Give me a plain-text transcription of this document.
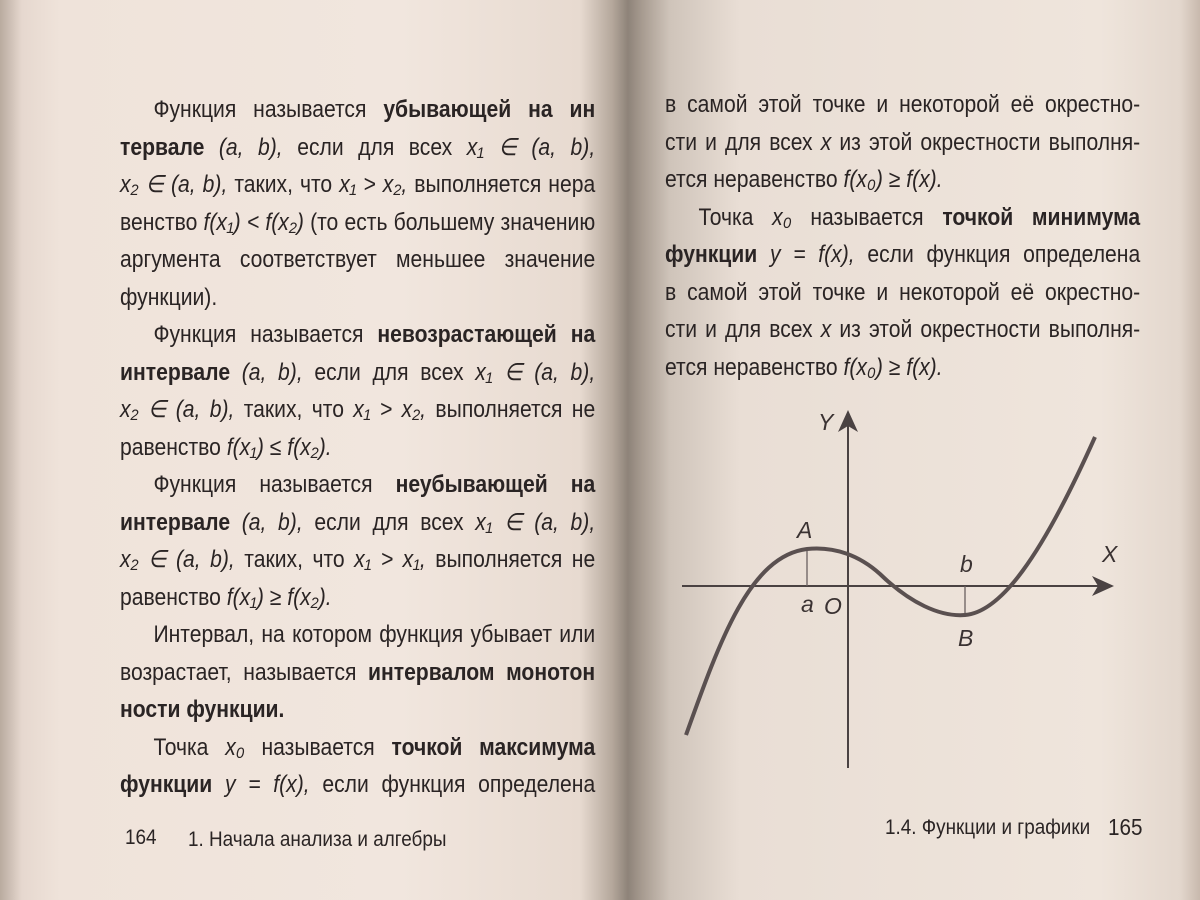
Функция называется убывающей на ин
тервале (a, b), если для всех x₁ ∈ (a, b),
x₂ ∈ (a, b), таких, что x₁ > x₂, выполняется нера
венство f(x₁) < f(x₂) (то есть большему значению
аргумента соответствует меньшее значение
функции).
Функция называется невозрастающей на
интервале (a, b), если для всех x₁ ∈ (a, b),
x₂ ∈ (a, b), таких, что x₁ > x₂, выполняется не
равенство f(x₁) ≤ f(x₂).
Функция называется неубывающей на
интервале (a, b), если для всех x₁ ∈ (a, b),
x₂ ∈ (a, b), таких, что x₁ > x₁, выполняется не
равенство f(x₁) ≥ f(x₂).
Интервал, на котором функция убывает или
возрастает, называется интервалом монотон
ности функции.
Точка x₀ называется точкой максимума
функции y = f(x), если функция определена
164 1. Начала анализа и алгебры
в самой этой точке и некоторой её окрестно-
сти и для всех x из этой окрестности выполня-
ется неравенство f(x₀) ≥ f(x).
Точка x₀ называется точкой минимума
функции y = f(x), если функция определена
в самой этой точке и некоторой её окрестно-
сти и для всех x из этой окрестности выполня-
ется неравенство f(x₀) ≥ f(x).
1.4. Функции и графики 165
Y
X
A
a O
b
B
